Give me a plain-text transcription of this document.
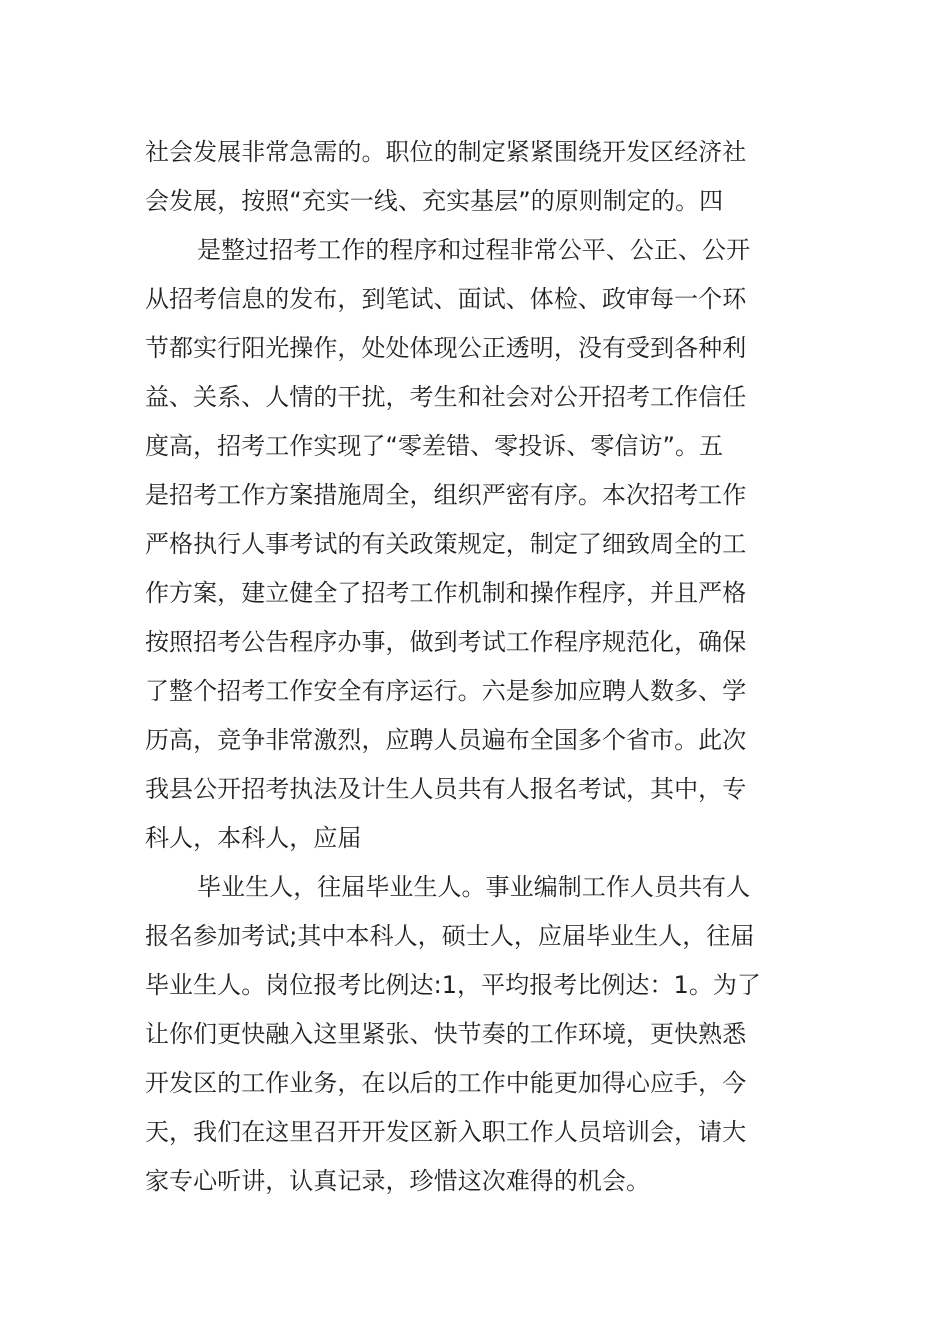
社会发展非常急需的。职位的制定紧紧围绕开发区经济社
会发展，按照“充实一线、充实基层”的原则制定的。四
是整过招考工作的程序和过程非常公平、公正、公开
从招考信息的发布，到笔试、面试、体检、政审每一个环
节都实行阳光操作，处处体现公正透明，没有受到各种利
益、关系、人情的干扰，考生和社会对公开招考工作信任
度高，招考工作实现了“零差错、零投诉、零信访”。五
是招考工作方案措施周全，组织严密有序。本次招考工作
严格执行人事考试的有关政策规定，制定了细致周全的工
作方案，建立健全了招考工作机制和操作程序，并且严格
按照招考公告程序办事，做到考试工作程序规范化，确保
了整个招考工作安全有序运行。六是参加应聘人数多、学
历高，竞争非常激烈，应聘人员遍布全国多个省市。此次
我县公开招考执法及计生人员共有人报名考试，其中，专
科人，本科人，应届
毕业生人，往届毕业生人。事业编制工作人员共有人
报名参加考试;其中本科人，硕士人，应届毕业生人，往届
毕业生人。岗位报考比例达:1，平均报考比例达：1。为了
让你们更快融入这里紧张、快节奏的工作环境，更快熟悉
开发区的工作业务，在以后的工作中能更加得心应手，今
天，我们在这里召开开发区新入职工作人员培训会，请大
家专心听讲，认真记录，珍惜这次难得的机会。
